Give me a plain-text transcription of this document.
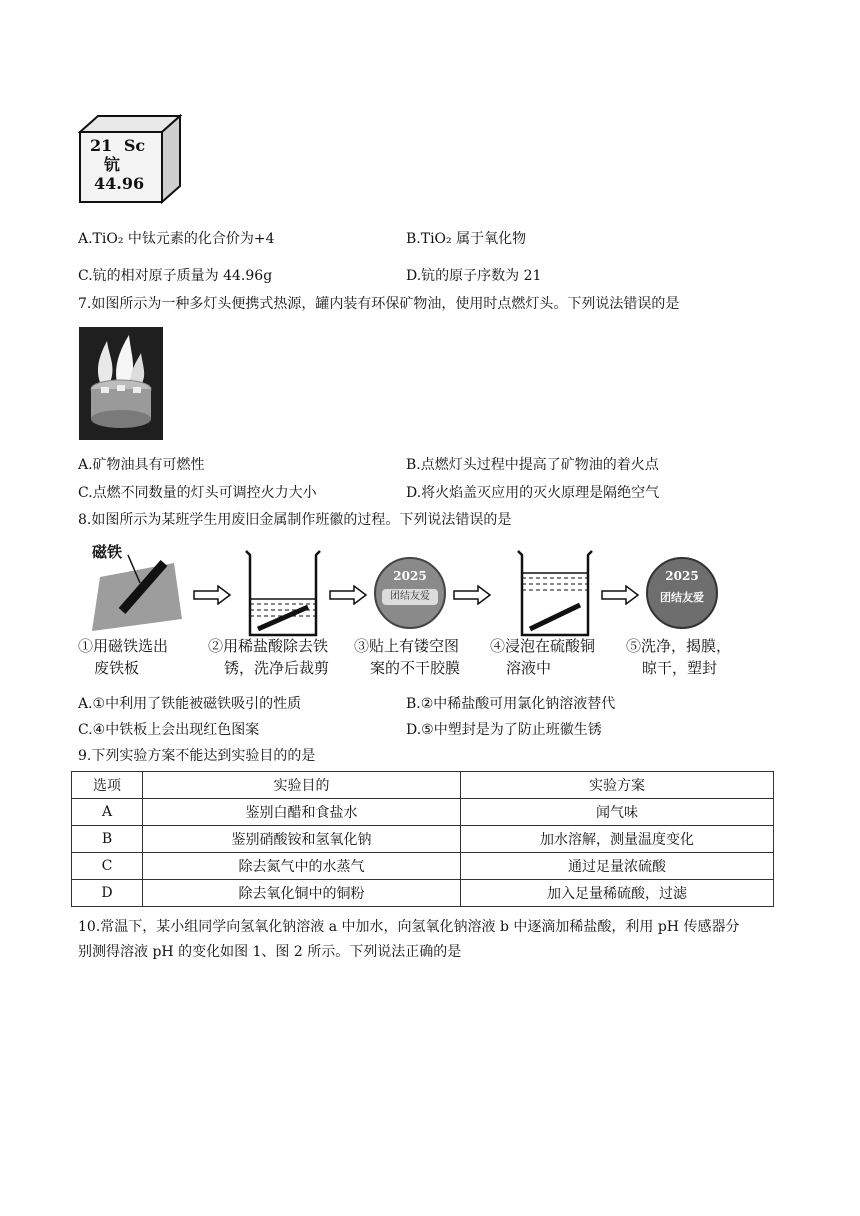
21 Sc
钪
44.96
A.TiO₂ 中钛元素的化合价为+4	B.TiO₂ 属于氧化物
C.钪的相对原子质量为 44.96g	D.钪的原子序数为 21
7.如图所示为一种多灯头便携式热源，罐内装有环保矿物油，使用时点燃灯头。下列说法错误的是
A.矿物油具有可燃性	B.点燃灯头过程中提高了矿物油的着火点
C.点燃不同数量的灯头可调控火力大小	D.将火焰盖灭应用的灭火原理是隔绝空气
8.如图所示为某班学生用废旧金属制作班徽的过程。下列说法错误的是
磁铁
2025
团结友爱
2025
团结友爱
①用磁铁选出
废铁板
②用稀盐酸除去铁
锈，洗净后裁剪
③贴上有镂空图
案的不干胶膜
④浸泡在硫酸铜
溶液中
⑤洗净，揭膜，
晾干，塑封
A.①中利用了铁能被磁铁吸引的性质	B.②中稀盐酸可用氯化钠溶液替代
C.④中铁板上会出现红色图案	D.⑤中塑封是为了防止班徽生锈
9.下列实验方案不能达到实验目的的是
选项	实验目的	实验方案
A	鉴别白醋和食盐水	闻气味
B	鉴别硝酸铵和氢氧化钠	加水溶解，测量温度变化
C	除去氮气中的水蒸气	通过足量浓硫酸
D	除去氧化铜中的铜粉	加入足量稀硫酸，过滤
10.常温下，某小组同学向氢氧化钠溶液 a 中加水，向氢氧化钠溶液 b 中逐滴加稀盐酸，利用 pH 传感器分
别测得溶液 pH 的变化如图 1、图 2 所示。下列说法正确的是
